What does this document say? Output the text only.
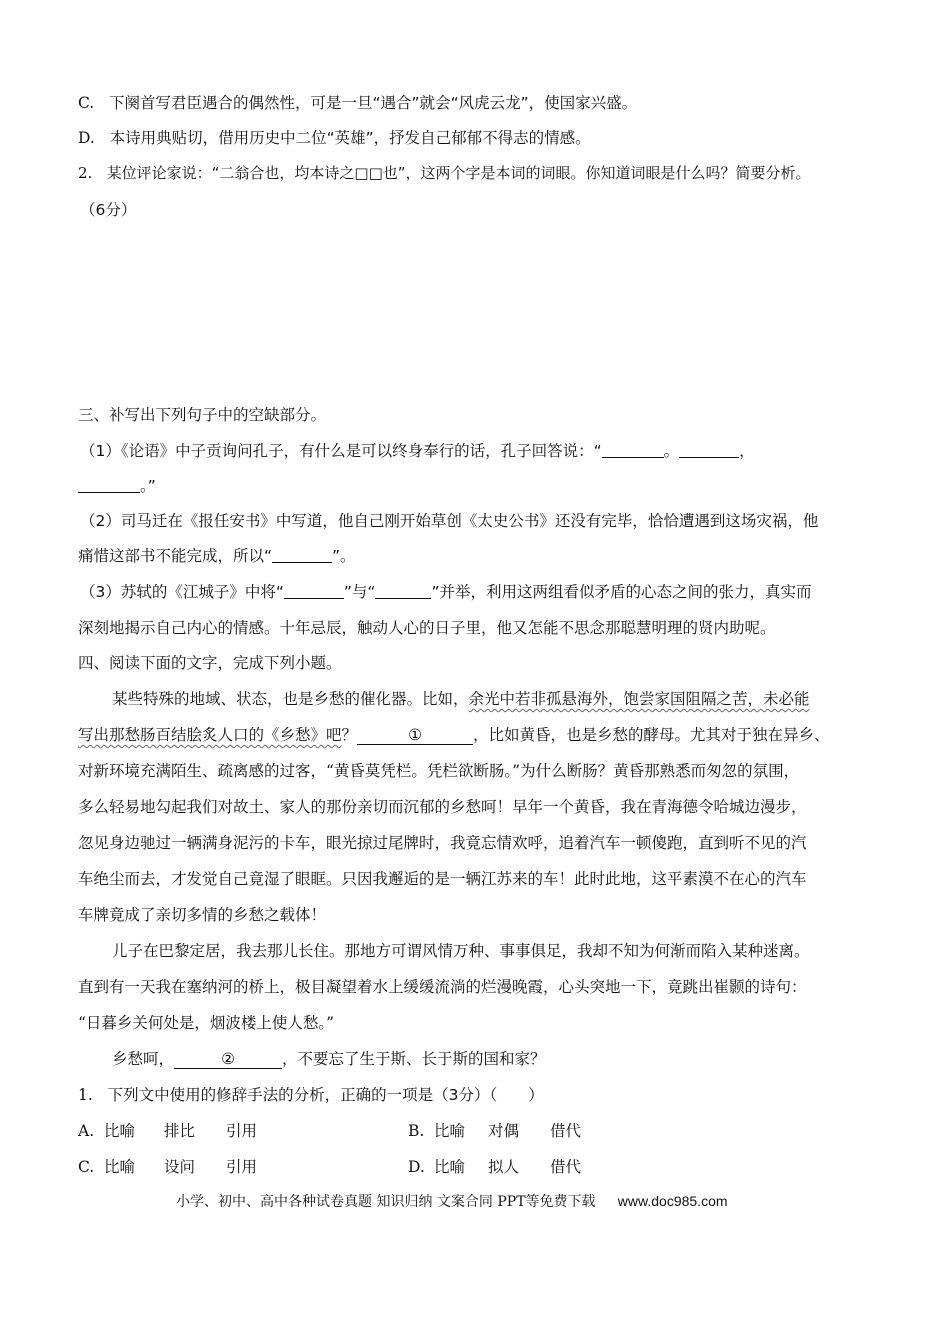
C. 下阕首写君臣遇合的偶然性，可是一旦“遇合”就会“风虎云龙”，使国家兴盛。
D. 本诗用典贴切，借用历史中二位“英雄”，抒发自己郁郁不得志的情感。
2. 某位评论家说：“二翁合也，均本诗之□□也”，这两个字是本词的词眼。你知道词眼是什么吗？简要分析。
（6分）
三、补写出下列句子中的空缺部分。
（1）《论语》中子贡询问孔子，有什么是可以终身奉行的话，孔子回答说：“	。	，
。”
（2）司马迁在《报任安书》中写道，他自己刚开始草创《太史公书》还没有完毕，恰恰遭遇到这场灾祸，他
痛惜这部书不能完成，所以“	”。
（3）苏轼的《江城子》中将“	”与“	”并举，利用这两组看似矛盾的心态之间的张力，真实而
深刻地揭示自己内心的情感。十年忌辰，触动人心的日子里，他又怎能不思念那聪慧明理的贤内助呢。
四、阅读下面的文字，完成下列小题。
某些特殊的地域、状态，也是乡愁的催化器。比如，余光中若非孤悬海外，饱尝家国阻隔之苦，未必能
写出那愁肠百结脍炙人口的《乡愁》吧？	①	，比如黄昏，也是乡愁的酵母。尤其对于独在异乡、
对新环境充满陌生、疏离感的过客，“黄昏莫凭栏。凭栏欲断肠。”为什么断肠？黄昏那熟悉而匆忽的氛围，
多么轻易地勾起我们对故土、家人的那份亲切而沉郁的乡愁呵！早年一个黄昏，我在青海德令哈城边漫步，
忽见身边驰过一辆满身泥污的卡车，眼光掠过尾牌时，我竟忘情欢呼，追着汽车一顿傻跑，直到听不见的汽
车绝尘而去，才发觉自己竟湿了眼眶。只因我邂逅的是一辆江苏来的车！此时此地，这平素漠不在心的汽车
车牌竟成了亲切多情的乡愁之载体！
儿子在巴黎定居，我去那儿长住。那地方可谓风情万种、事事俱足，我却不知为何渐而陷入某种迷离。
直到有一天我在塞纳河的桥上，极目凝望着水上缓缓流淌的烂漫晚霞，心头突地一下，竟跳出崔颢的诗句：
“日暮乡关何处是，烟波楼上使人愁。”
乡愁呵，	②	，不要忘了生于斯、长于斯的国和家？
1. 下列文中使用的修辞手法的分析，正确的一项是（3分）（　　）
A. 比喻 排比 引用	B. 比喻 对偶 借代
C. 比喻 设问 引用	D. 比喻 拟人 借代
小学、初中、高中各种试卷真题 知识归纳 文案合同 PPT等免费下载 www.doc985.com
